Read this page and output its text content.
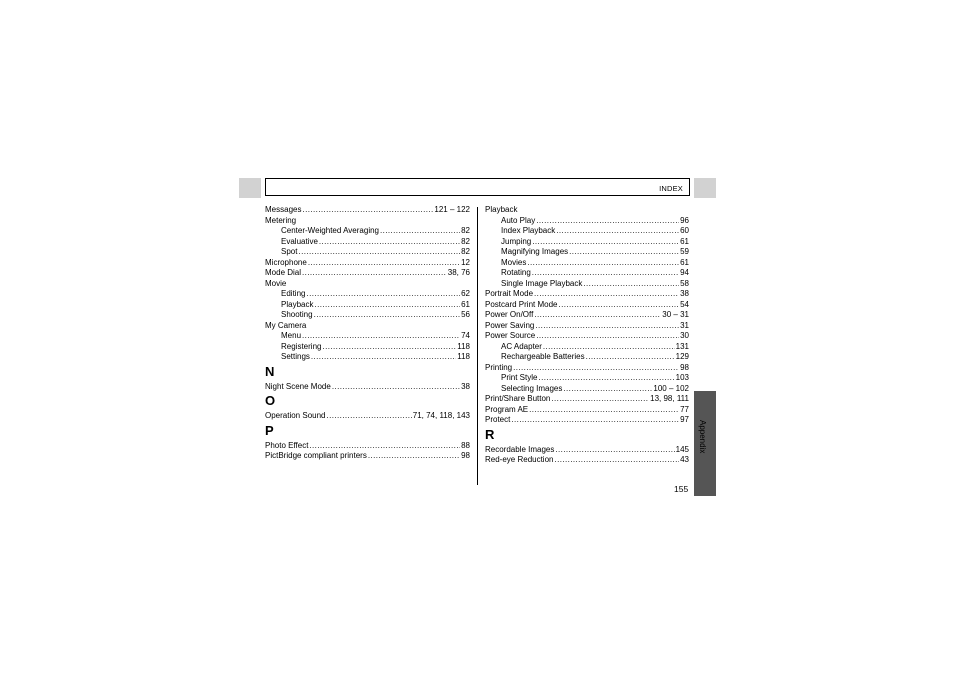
INDEX
Messages .....	121 – 122
Metering
Center-Weighted Averaging .....	82
Evaluative .....	82
Spot .....	82
Microphone .....	12
Mode Dial .....	38, 76
Movie
Editing .....	62
Playback .....	61
Shooting .....	56
My Camera
Menu .....	74
Registering .....	118
Settings .....	118
N
Night Scene Mode .....	38
O
Operation Sound .....	71, 74, 118, 143
P
Photo Effect .....	88
PictBridge compliant printers .....	98
Playback
Auto Play .....	96
Index Playback .....	60
Jumping .....	61
Magnifying Images .....	59
Movies .....	61
Rotating .....	94
Single Image Playback .....	58
Portrait Mode .....	38
Postcard Print Mode .....	54
Power On/Off .....	30 – 31
Power Saving .....	31
Power Source .....	30
AC Adapter .....	131
Rechargeable Batteries .....	129
Printing .....	98
Print Style .....	103
Selecting Images .....	100 – 102
Print/Share Button .....	13, 98, 111
Program AE .....	77
Protect .....	97
R
Recordable Images .....	145
Red-eye Reduction .....	43
Appendix
155
